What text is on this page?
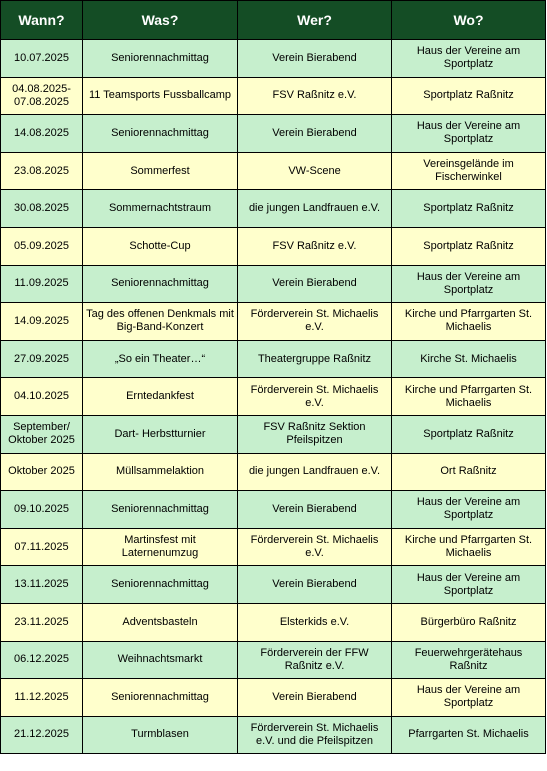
Wann?	Was?	Wer?	Wo?
10.07.2025	Seniorennachmittag	Verein Bierabend	Haus der Vereine am Sportplatz
04.08.2025-07.08.2025	11 Teamsports Fussballcamp	FSV Raßnitz e.V.	Sportplatz Raßnitz
14.08.2025	Seniorennachmittag	Verein Bierabend	Haus der Vereine am Sportplatz
23.08.2025	Sommerfest	VW-Scene	Vereinsgelände im Fischerwinkel
30.08.2025	Sommernachtstraum	die jungen Landfrauen e.V.	Sportplatz Raßnitz
05.09.2025	Schotte-Cup	FSV Raßnitz e.V.	Sportplatz Raßnitz
11.09.2025	Seniorennachmittag	Verein Bierabend	Haus der Vereine am Sportplatz
14.09.2025	Tag des offenen Denkmals mit Big-Band-Konzert	Förderverein St. Michaelis e.V.	Kirche und Pfarrgarten St. Michaelis
27.09.2025	„So ein Theater…“	Theatergruppe Raßnitz	Kirche St. Michaelis
04.10.2025	Erntedankfest	Förderverein St. Michaelis e.V.	Kirche und Pfarrgarten St. Michaelis
September/ Oktober 2025	Dart- Herbstturnier	FSV Raßnitz Sektion Pfeilspitzen	Sportplatz Raßnitz
Oktober 2025	Müllsammelaktion	die jungen Landfrauen e.V.	Ort Raßnitz
09.10.2025	Seniorennachmittag	Verein Bierabend	Haus der Vereine am Sportplatz
07.11.2025	Martinsfest mit Laternenumzug	Förderverein St. Michaelis e.V.	Kirche und Pfarrgarten St. Michaelis
13.11.2025	Seniorennachmittag	Verein Bierabend	Haus der Vereine am Sportplatz
23.11.2025	Adventsbasteln	Elsterkids e.V.	Bürgerbüro Raßnitz
06.12.2025	Weihnachtsmarkt	Förderverein der FFW Raßnitz e.V.	Feuerwehrgerätehaus Raßnitz
11.12.2025	Seniorennachmittag	Verein Bierabend	Haus der Vereine am Sportplatz
21.12.2025	Turmblasen	Förderverein St. Michaelis e.V. und die Pfeilspitzen	Pfarrgarten St. Michaelis
